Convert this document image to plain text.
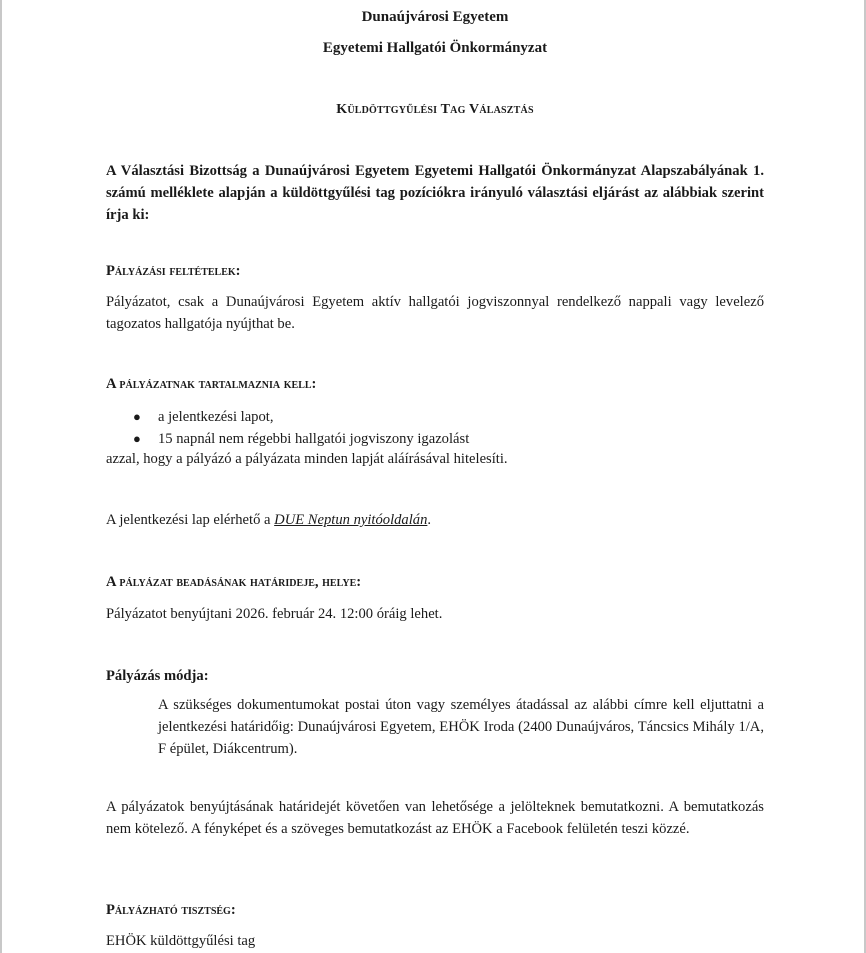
Dunaújvárosi Egyetem
Egyetemi Hallgatói Önkormányzat
Küldöttgyűlési Tag Választás
A Választási Bizottság a Dunaújvárosi Egyetem Egyetemi Hallgatói Önkormányzat Alapszabályának 1. számú melléklete alapján a küldöttgyűlési tag pozíciókra irányuló választási eljárást az alábbiak szerint írja ki:
Pályázási feltételek:
Pályázatot, csak a Dunaújvárosi Egyetem aktív hallgatói jogviszonnyal rendelkező nappali vagy levelező tagozatos hallgatója nyújthat be.
A pályázatnak tartalmaznia kell:
● a jelentkezési lapot,
● 15 napnál nem régebbi hallgatói jogviszony igazolást
azzal, hogy a pályázó a pályázata minden lapját aláírásával hitelesíti.
A jelentkezési lap elérhető a DUE Neptun nyitóoldalán.
A pályázat beadásának határideje, helye:
Pályázatot benyújtani 2026. február 24. 12:00 óráig lehet.
Pályázás módja:
A szükséges dokumentumokat postai úton vagy személyes átadással az alábbi címre kell eljuttatni a jelentkezési határidőig: Dunaújvárosi Egyetem, EHÖK Iroda (2400 Dunaújváros, Táncsics Mihály 1/A, F épület, Diákcentrum).
A pályázatok benyújtásának határidejét követően van lehetősége a jelölteknek bemutatkozni. A bemutatkozás nem kötelező. A fényképet és a szöveges bemutatkozást az EHÖK a Facebook felületén teszi közzé.
Pályázható tisztség:
EHÖK küldöttgyűlési tag
